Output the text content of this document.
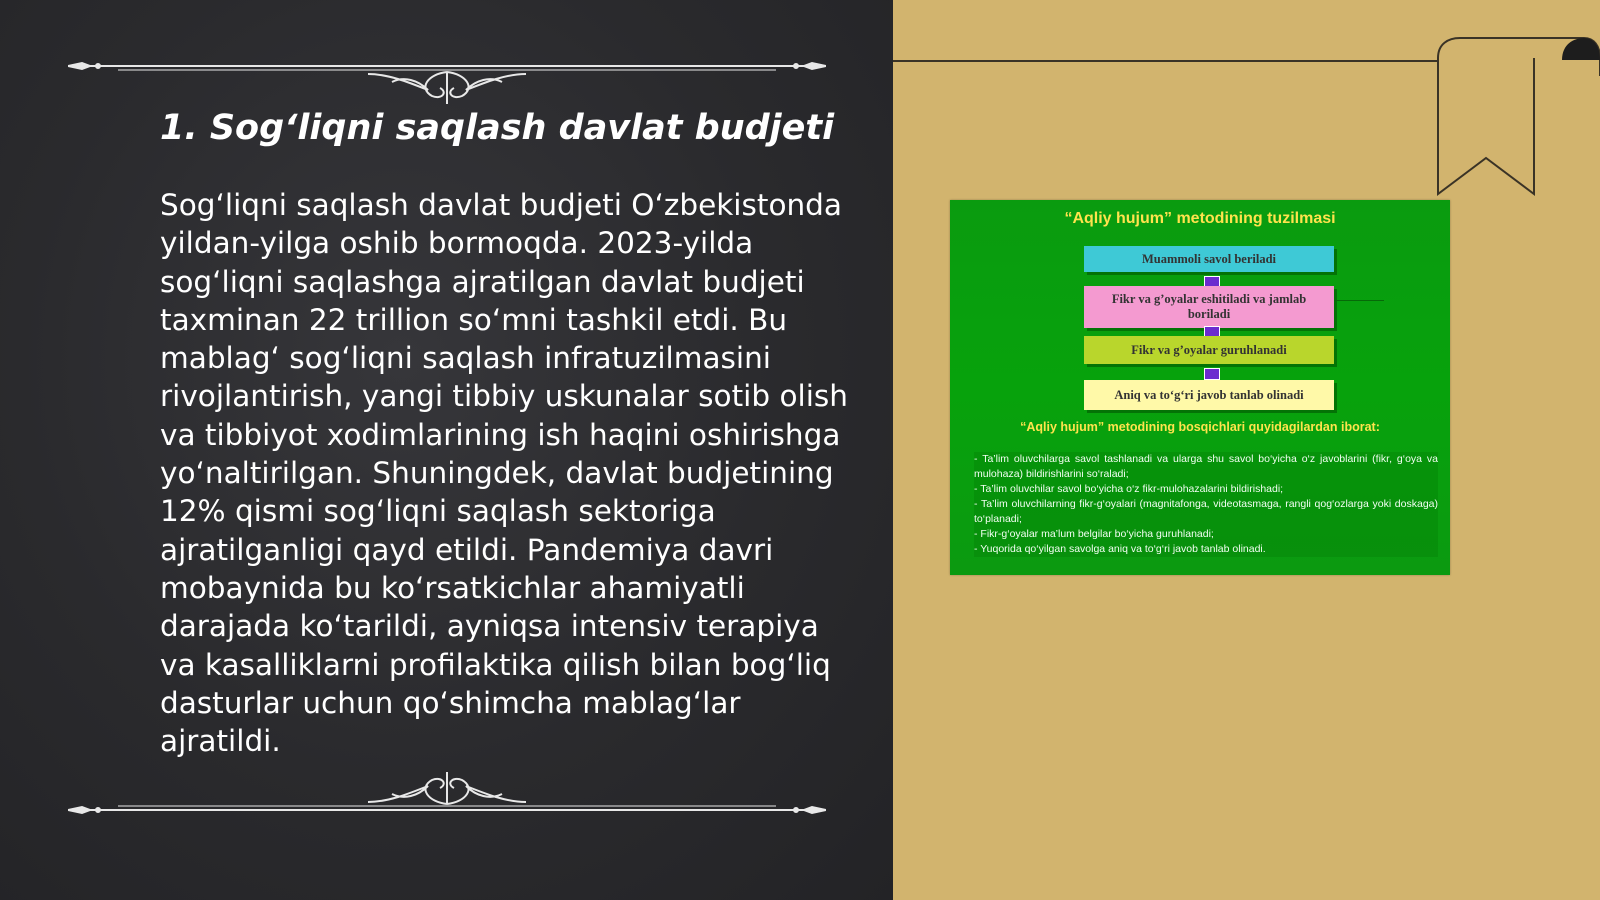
1. Sog‘liqni saqlash davlat budjeti

Sog‘liqni saqlash davlat budjeti O‘zbekistonda yildan-yilga oshib bormoqda. 2023-yilda sog‘liqni saqlashga ajratilgan davlat budjeti taxminan 22 trillion so‘mni tashkil etdi. Bu mablag‘ sog‘liqni saqlash infratuzilmasini rivojlantirish, yangi tibbiy uskunalar sotib olish va tibbiyot xodimlarining ish haqini oshirishga yo‘naltirilgan. Shuningdek, davlat budjetining 12% qismi sog‘liqni saqlash sektoriga ajratilganligi qayd etildi. Pandemiya davri mobaynida bu ko‘rsatkichlar ahamiyatli darajada ko‘tarildi, ayniqsa intensiv terapiya va kasalliklarni profilaktika qilish bilan bog‘liq dasturlar uchun qo‘shimcha mablag‘lar ajratildi.

“Aqliy hujum” metodining tuzilmasi
Muammoli savol beriladi
Fikr va g’oyalar eshitiladi va jamlab boriladi
Fikr va g’oyalar guruhlanadi
Aniq va to‘g‘ri javob tanlab olinadi
“Aqliy hujum” metodining bosqichlari quyidagilardan iborat:
- Ta’lim oluvchilarga savol tashlanadi va ularga shu savol bo‘yicha o‘z javoblarini (fikr, g‘oya va mulohaza) bildirishlarini so‘raladi;
- Ta’lim oluvchilar savol bo‘yicha o‘z fikr-mulohazalarini bildirishadi;
- Ta’lim oluvchilarning fikr-g‘oyalari (magnitafonga, videotasmaga, rangli qog‘ozlarga yoki doskaga) to‘planadi;
- Fikr-g‘oyalar ma’lum belgilar bo‘yicha guruhlanadi;
- Yuqorida qo‘yilgan savolga aniq va to‘g‘ri javob tanlab olinadi.
